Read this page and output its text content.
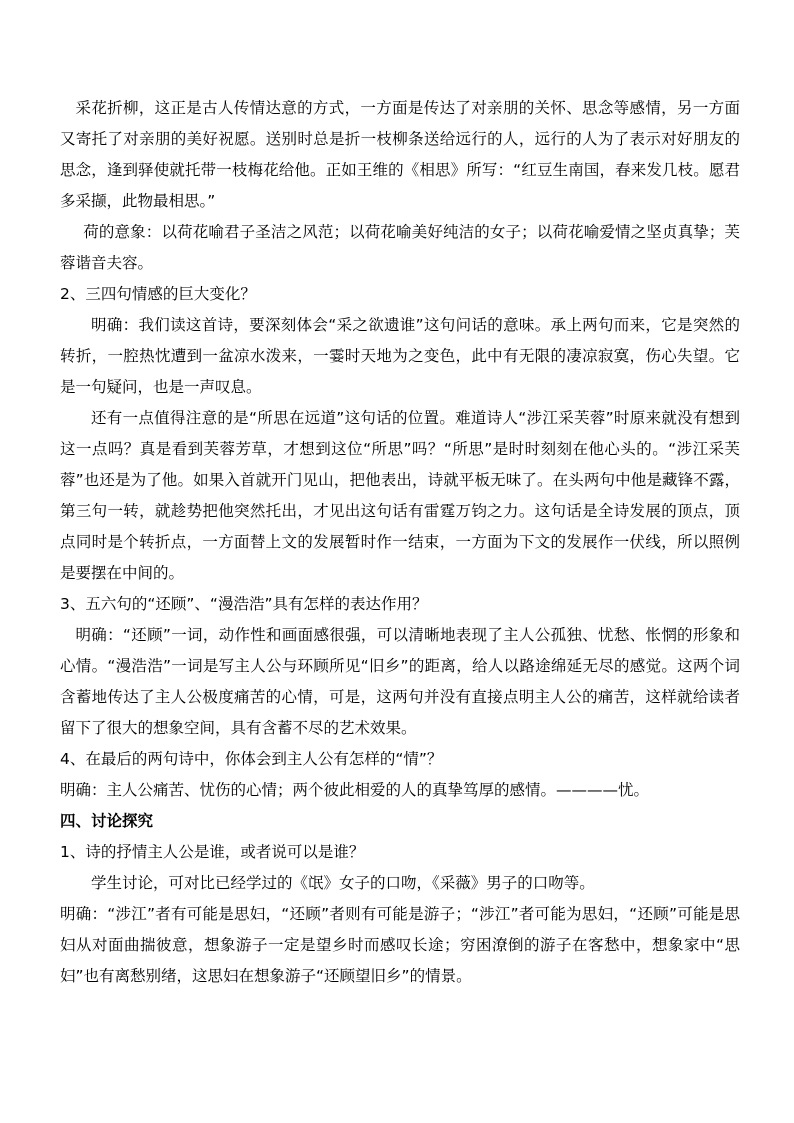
采花折柳，这正是古人传情达意的方式，一方面是传达了对亲朋的关怀、思念等感情，另一方面又寄托了对亲朋的美好祝愿。送别时总是折一枝柳条送给远行的人，远行的人为了表示对好朋友的思念，逢到驿使就托带一枝梅花给他。正如王维的《相思》所写：“红豆生南国，春来发几枝。愿君多采撷，此物最相思。”

荷的意象：以荷花喻君子圣洁之风范；以荷花喻美好纯洁的女子；以荷花喻爱情之坚贞真挚；芙蓉谐音夫容。

2、三四句情感的巨大变化？

明确：我们读这首诗，要深刻体会“采之欲遗谁”这句问话的意味。承上两句而来，它是突然的转折，一腔热忱遭到一盆凉水泼来，一霎时天地为之变色，此中有无限的凄凉寂寞，伤心失望。它是一句疑问，也是一声叹息。

还有一点值得注意的是“所思在远道”这句话的位置。难道诗人“涉江采芙蓉”时原来就没有想到这一点吗？真是看到芙蓉芳草，才想到这位“所思”吗？“所思”是时时刻刻在他心头的。“涉江采芙蓉”也还是为了他。如果入首就开门见山，把他表出，诗就平板无味了。在头两句中他是藏锋不露，第三句一转，就趁势把他突然托出，才见出这句话有雷霆万钧之力。这句话是全诗发展的顶点，顶点同时是个转折点，一方面替上文的发展暂时作一结束，一方面为下文的发展作一伏线，所以照例是要摆在中间的。

3、五六句的“还顾”、“漫浩浩”具有怎样的表达作用？

明确：“还顾”一词，动作性和画面感很强，可以清晰地表现了主人公孤独、忧愁、怅惘的形象和心情。“漫浩浩”一词是写主人公与环顾所见“旧乡”的距离，给人以路途绵延无尽的感觉。这两个词含蓄地传达了主人公极度痛苦的心情，可是，这两句并没有直接点明主人公的痛苦，这样就给读者留下了很大的想象空间，具有含蓄不尽的艺术效果。

4、在最后的两句诗中，你体会到主人公有怎样的“情”？

明确：主人公痛苦、忧伤的心情；两个彼此相爱的人的真挚笃厚的感情。————忧。

四、讨论探究

1、诗的抒情主人公是谁，或者说可以是谁？

学生讨论，可对比已经学过的《氓》女子的口吻，《采薇》男子的口吻等。

明确：“涉江”者有可能是思妇，“还顾”者则有可能是游子；“涉江”者可能为思妇，“还顾”可能是思妇从对面曲揣彼意，想象游子一定是望乡时而感叹长途；穷困潦倒的游子在客愁中，想象家中“思妇”也有离愁别绪，这思妇在想象游子“还顾望旧乡”的情景。
